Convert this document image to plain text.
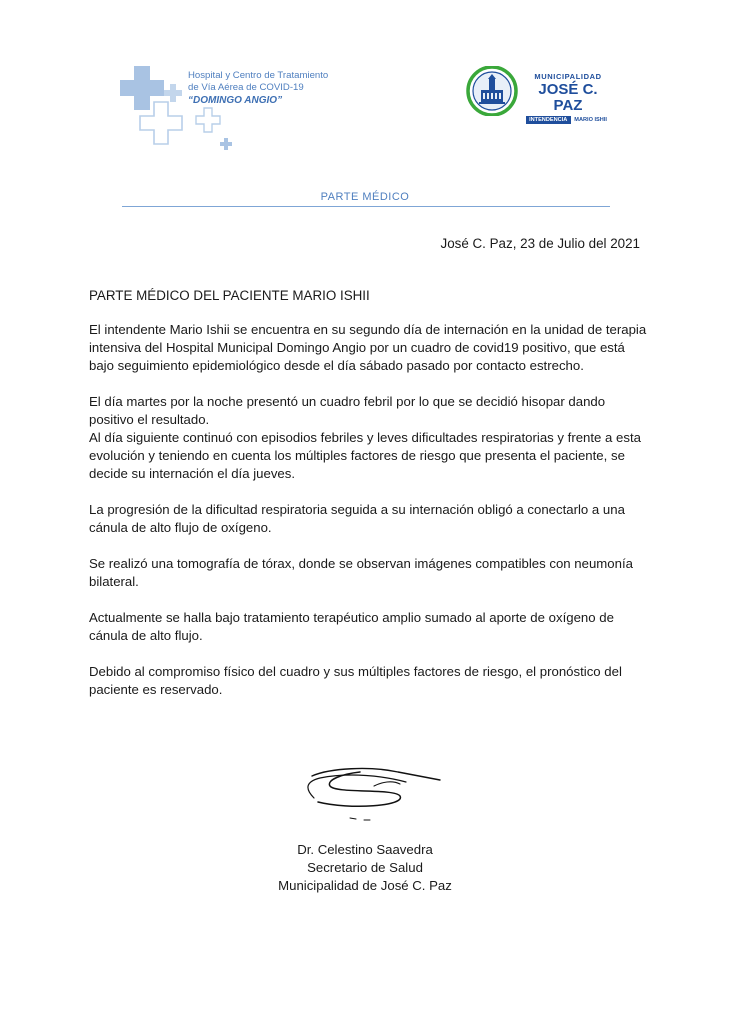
Hospital y Centro de Tratamiento
de Vía Aérea de COVID-19
“DOMINGO ANGIO”
MUNICIPALIDAD
JOSÉ C. PAZ
INTENDENCIA MARIO ISHII
PARTE MÉDICO
José C. Paz, 23 de Julio del 2021
PARTE MÉDICO DEL PACIENTE MARIO ISHII

El intendente Mario Ishii se encuentra en su segundo día de internación en la unidad de terapia intensiva del Hospital Municipal Domingo Angio por un cuadro de covid19 positivo, que está bajo seguimiento epidemiológico desde el día sábado pasado por contacto estrecho.

El día martes por la noche presentó un cuadro febril por lo que se decidió hisopar dando positivo el resultado.

Al día siguiente continuó con episodios febriles y leves dificultades respiratorias y frente a esta evolución y teniendo en cuenta los múltiples factores de riesgo que presenta el paciente, se decide su internación el día jueves.

La progresión de la dificultad respiratoria seguida a su internación obligó a conectarlo a una cánula de alto flujo de oxígeno.

Se realizó una tomografía de tórax, donde se observan imágenes compatibles con neumonía bilateral.

Actualmente se halla bajo tratamiento terapéutico amplio sumado al aporte de oxígeno de cánula de alto flujo.

Debido al compromiso físico del cuadro y sus múltiples factores de riesgo, el pronóstico del paciente es reservado.

Dr. Celestino Saavedra
Secretario de Salud
Municipalidad de José C. Paz
